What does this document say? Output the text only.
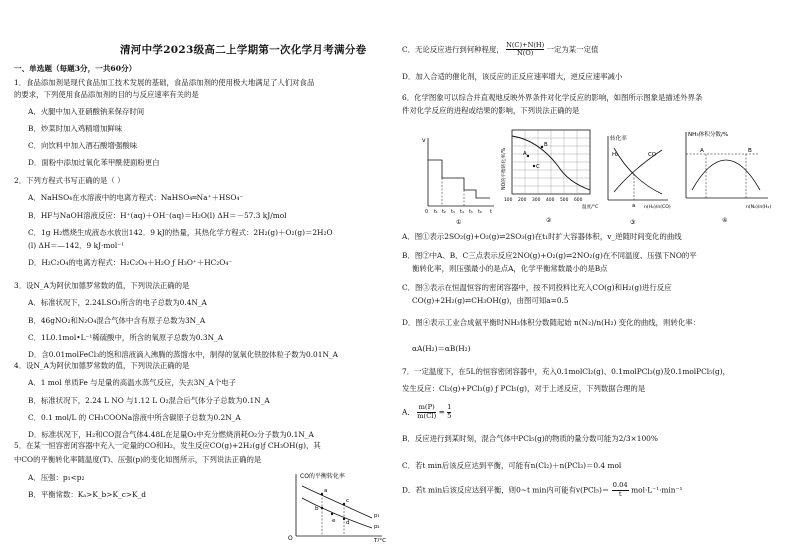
清河中学2023级高二上学期第一次化学月考满分卷
一、单选题（每题3分，一共60分）
1．食品添加剂是现代食品加工技术发展的基础，食品添加剂的使用极大地满足了人们对食品
的要求，下列使用食品添加剂的目的与反应速率有关的是
A．火腿中加入亚硝酸钠来保存时间
B．炒菜时加入鸡精增加鲜味
C．向饮料中加入酒石酸增强酸味
D．面粉中添加过氧化苯甲酰使面粉更白
2．下列方程式书写正确的是（ ）
A．NaHSO₄在水溶液中的电离方程式：NaHSO₄═Na⁺＋HSO₄⁻
B．HF与NaOH溶液反应：H⁺(aq)＋OH⁻(aq)＝H₂O(l) ΔH＝－57.3 kJ/mol
C．1g H₂燃烧生成液态水放出142．9 kJ的热量，其热化学方程式：2H₂(g)＋O₂(g)＝2H₂O
(l) ΔH＝—142．9 kJ·mol⁻¹
D．H₂C₂O₄的电离方程式：H₂C₂O₄＋H₂O ƒ H₃O⁺＋HC₂O₄⁻
3．设N_A为阿伏加德罗常数的值，下列说法正确的是
A．标准状况下，2.24LSO₃所含的电子总数为0.4N_A
B．46gNO₂和N₂O₄混合气体中含有原子总数为3N_A
C．1L0.1mol•L⁻¹稀硫酸中，所含的氧原子总数为0.3N_A
D．含0.01molFeCl₃的饱和溶液滴入沸腾的蒸馏水中，制得的氢氧化铁胶体粒子数为0.01N_A
4．设N_A为阿伏加德罗常数的值，下列说法正确的是
A．1 mol 单质Fe 与足量的高温水蒸气反应，失去3N_A个电子
B．标准状况下，2.24 L NO 与1.12 L O₂混合后气体分子总数为0.1N_A
C．0.1 mol/L 的 CH₃COONa溶液中所含碳原子总数为0.2N_A
D．标准状况下，H₂和CO混合气体4.48L在足量O₂中充分燃烧消耗O₂分子数为0.1N_A
5．在某一恒容密闭容器中充入一定量的CO和H₂，发生反应CO(g)+2H₂(g)ƒ CH₃OH(g)，其
中CO的平衡转化率随温度(T)、压强(p)的变化如图所示，下列说法正确的是
A．压强：p₁<p₂
B．平衡常数：Kₐ>K_b>K_c>K_d
CO的平衡转化率
T/°C
O
a
b
c
d
e
p₁
p₂
C．无论反应进行到何种程度， $\frac{N(C)+N(H)}{N(O)}$ 一定为某一定值
D．加入合适的催化剂，该反应的正反应速率增大，逆反应速率减小
6．化学图象可以综合并直观地反映外界条件对化学反应的影响，如图所示图象是描述外界条
件对化学反应的进程或结果的影响，下列说法正确的是
v
0 t₁ t₂ t₃ t₄ t₅ t₆ t
①
A
B
C
NO的平衡转化率/%
100 200 300 400 500 600
温度/°C
②
转化率
H₂	CO
a n(H₂)/n(CO)
③
NH₃体积分数/%
A	B
n(N₂)/n(H₂)
④
A．图①表示2SO₂(g)+O₂(g)⇌2SO₃(g)在t₁时扩大容器体积，v_逆随时间变化的曲线
B．图②中A、B、C三点表示反应2NO(g)+O₂(g)⇌2NO₂(g)在不同温度、压强下NO的平
衡转化率，则压强最小的是点A，化学平衡常数最小的是B点
C．图③表示在恒温恒容的密闭容器中，按不同投料比充入CO(g)和H₂(g)进行反应
CO(g)+2H₂(g)⇌CH₃OH(g)，由图可知a=0.5
D．图④表示工业合成氨平衡时NH₃体积分数随起始 n(N₂)/n(H₂) 变化的曲线，则转化率：
αA(H₂)＝αB(H₂)
7．一定温度下，在5L的恒容密闭容器中，充入0.1molCl₂(g)、0.1molPCl₃(g)及0.1molPCl₅(g)，
发生反应：Cl₂(g)+PCl₃(g) ƒ PCl₅(g)，对于上述反应，下列数据合理的是
A． $\frac{m(P)}{m(Cl)} = \frac{1}{5}$
B．反应进行到某时刻，混合气体中PCl₅(g)的物质的量分数可能为2/3×100%
C．若t min后该反应达到平衡，可能有n(Cl₂)＋n(PCl₃)＝0.4 mol
D．若t min后该反应达到平衡，则0~t min内可能有$v(PCl_5)= \frac{0.04}{t} mol\cdot L^{-1}\cdot\min^{-1}$
